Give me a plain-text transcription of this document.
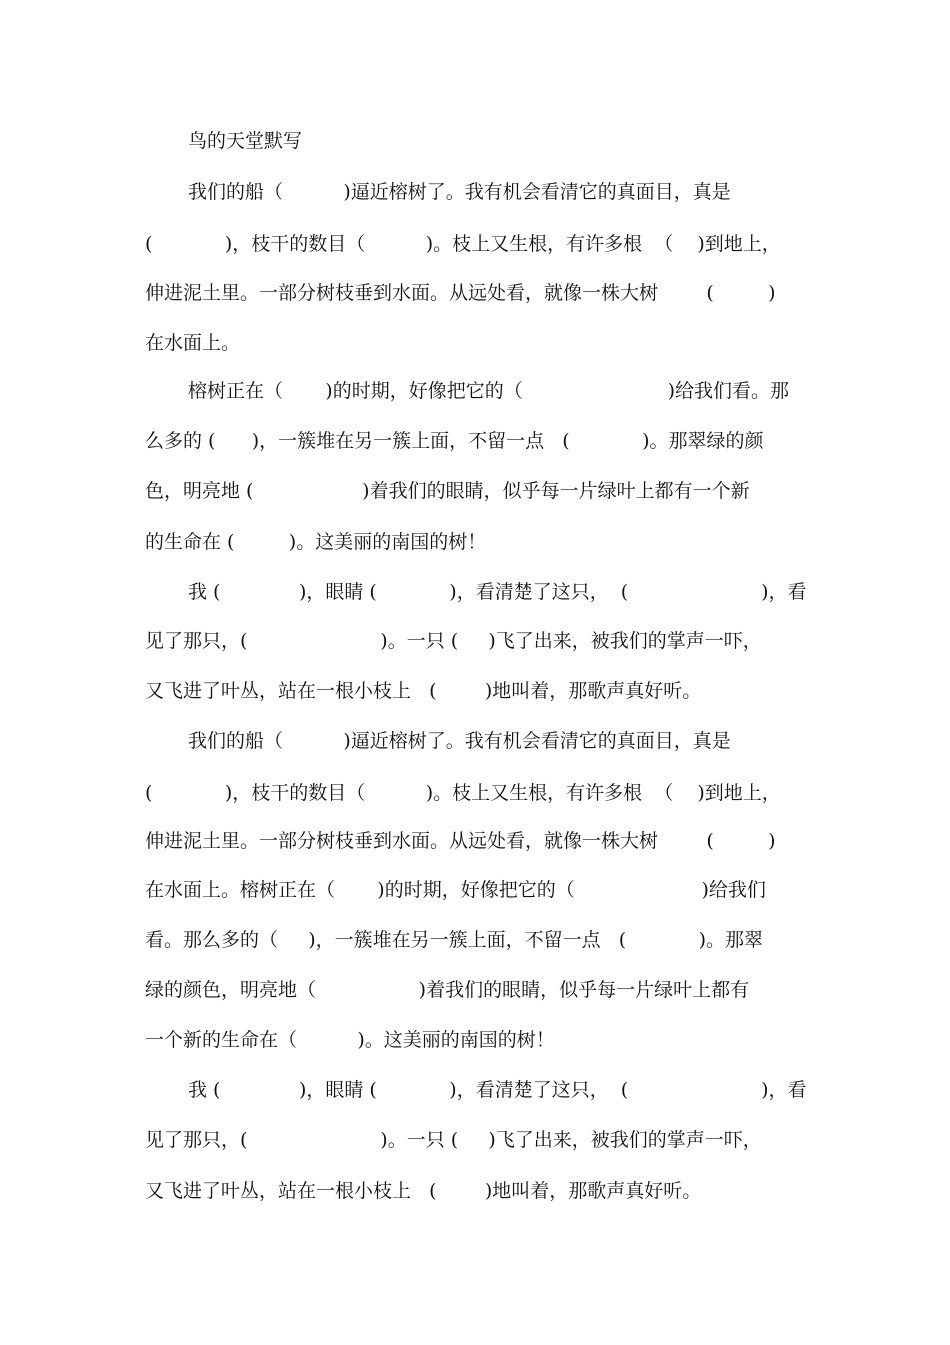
鸟的天堂默写
我们的船（          )逼近榕树了。我有机会看清它的真面目，真是
(            )，枝干的数目（          )。枝上又生根，有许多根  （    )到地上，
伸进泥土里。一部分树枝垂到水面。从远处看，就像一株大树        (         )
在水面上。
榕树正在（       )的时期，好像把它的（                        )给我们看。那
么多的 (      )，一簇堆在另一簇上面，不留一点   (            )。那翠绿的颜
色，明亮地 (                  )着我们的眼睛，似乎每一片绿叶上都有一个新
的生命在 (         )。这美丽的南国的树！
我 (             )，眼睛 (            )，看清楚了这只，  (                      )，看
见了那只，(                      )。一只 (     )飞了出来，被我们的掌声一吓，
又飞进了叶丛，站在一根小枝上   (        )地叫着，那歌声真好听。
我们的船（          )逼近榕树了。我有机会看清它的真面目，真是
(            )，枝干的数目（          )。枝上又生根，有许多根  （    )到地上，
伸进泥土里。一部分树枝垂到水面。从远处看，就像一株大树        (         )
在水面上。榕树正在（       )的时期，好像把它的（                     )给我们
看。那么多的（     )，一簇堆在另一簇上面，不留一点   (            )。那翠
绿的颜色，明亮地（                 )着我们的眼睛，似乎每一片绿叶上都有
一个新的生命在（          )。这美丽的南国的树！
我 (             )，眼睛 (            )，看清楚了这只，  (                      )，看
见了那只，(                      )。一只 (     )飞了出来，被我们的掌声一吓，
又飞进了叶丛，站在一根小枝上   (        )地叫着，那歌声真好听。
